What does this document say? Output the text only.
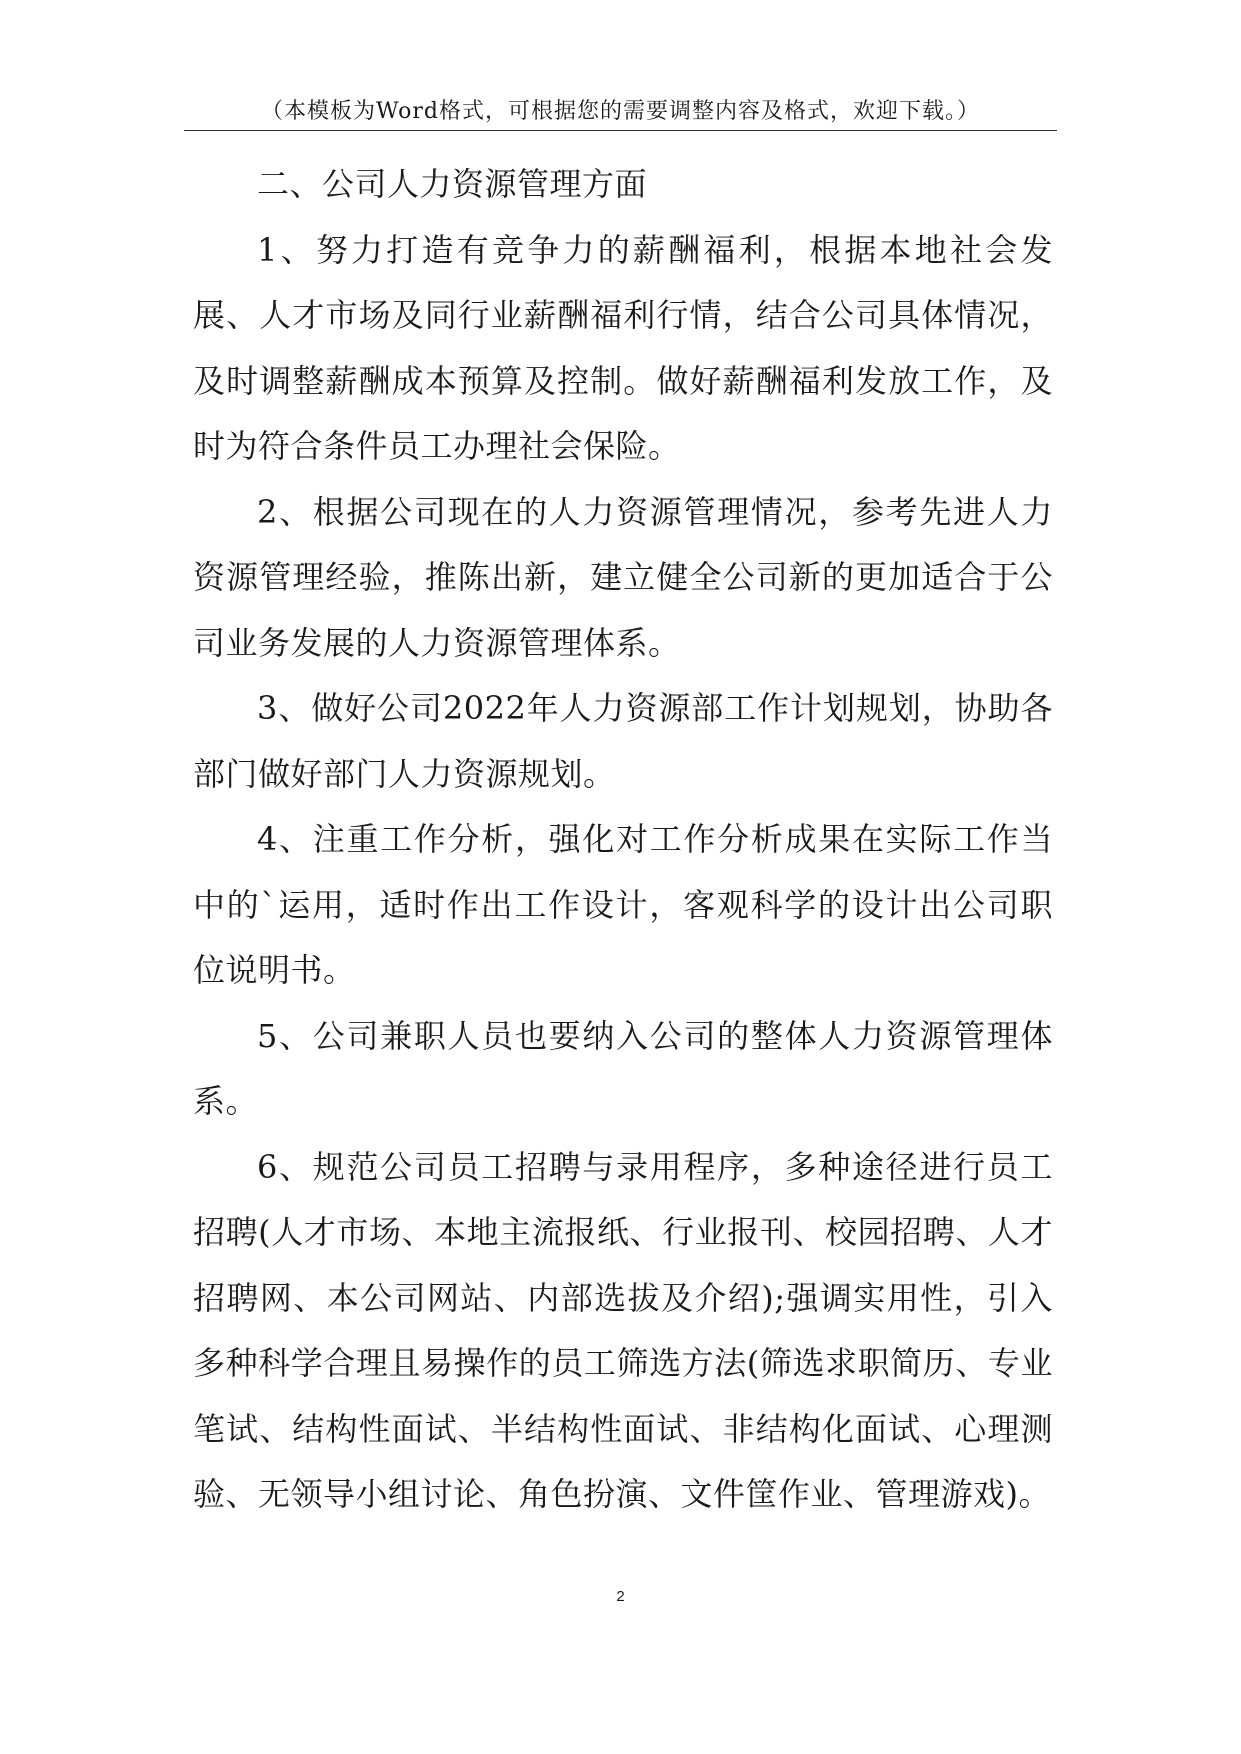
（本模板为Word格式，可根据您的需要调整内容及格式，欢迎下载。）

二、公司人力资源管理方面

1、努力打造有竞争力的薪酬福利，根据本地社会发展、人才市场及同行业薪酬福利行情，结合公司具体情况，及时调整薪酬成本预算及控制。做好薪酬福利发放工作，及时为符合条件员工办理社会保险。

2、根据公司现在的人力资源管理情况，参考先进人力资源管理经验，推陈出新，建立健全公司新的更加适合于公司业务发展的人力资源管理体系。

3、做好公司2022年人力资源部工作计划规划，协助各部门做好部门人力资源规划。

4、注重工作分析，强化对工作分析成果在实际工作当中的`运用，适时作出工作设计，客观科学的设计出公司职位说明书。

5、公司兼职人员也要纳入公司的整体人力资源管理体系。

6、规范公司员工招聘与录用程序，多种途径进行员工招聘(人才市场、本地主流报纸、行业报刊、校园招聘、人才招聘网、本公司网站、内部选拔及介绍);强调实用性，引入多种科学合理且易操作的员工筛选方法(筛选求职简历、专业笔试、结构性面试、半结构性面试、非结构化面试、心理测验、无领导小组讨论、角色扮演、文件筐作业、管理游戏)。

2
